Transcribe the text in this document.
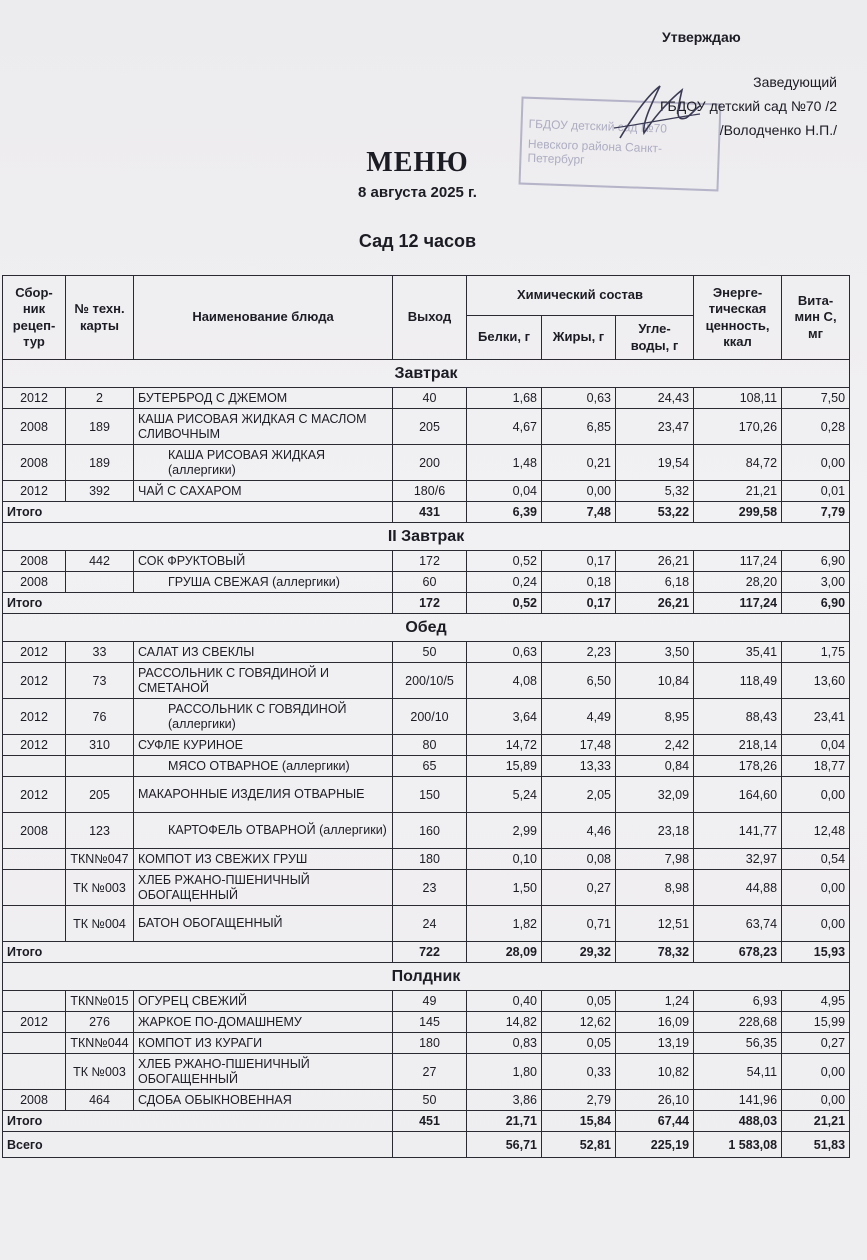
Утверждаю
Заведующий
ГБДОУ детский сад №70
Невского района Санкт-Петербург
ГБДОУ детский сад №70 /2
/Володченко Н.П./
МЕНЮ
8 августа 2025 г.
Сад 12 часов
Сбор-ник рецеп-тур	№ техн. карты	Наименование блюда	Выход	Химический состав			Энерге-тическая ценность, ккал	Вита-мин С, мг
				Белки, г	Жиры, г	Угле-воды, г		
Завтрак								
2012	2	БУТЕРБРОД С ДЖЕМОМ	40	1,68	0,63	24,43	108,11	7,50
2008	189	КАША РИСОВАЯ ЖИДКАЯ С МАСЛОМ СЛИВОЧНЫМ	205	4,67	6,85	23,47	170,26	0,28
2008	189	КАША РИСОВАЯ ЖИДКАЯ (аллергики)	200	1,48	0,21	19,54	84,72	0,00
2012	392	ЧАЙ С САХАРОМ	180/6	0,04	0,00	5,32	21,21	0,01
Итого			431	6,39	7,48	53,22	299,58	7,79
II Завтрак								
2008	442	СОК ФРУКТОВЫЙ	172	0,52	0,17	26,21	117,24	6,90
2008		ГРУША СВЕЖАЯ (аллергики)	60	0,24	0,18	6,18	28,20	3,00
Итого			172	0,52	0,17	26,21	117,24	6,90
Обед								
2012	33	САЛАТ ИЗ СВЕКЛЫ	50	0,63	2,23	3,50	35,41	1,75
2012	73	РАССОЛЬНИК С ГОВЯДИНОЙ И СМЕТАНОЙ	200/10/5	4,08	6,50	10,84	118,49	13,60
2012	76	РАССОЛЬНИК С ГОВЯДИНОЙ (аллергики)	200/10	3,64	4,49	8,95	88,43	23,41
2012	310	СУФЛЕ КУРИНОЕ	80	14,72	17,48	2,42	218,14	0,04
		МЯСО ОТВАРНОЕ (аллергики)	65	15,89	13,33	0,84	178,26	18,77
2012	205	МАКАРОННЫЕ ИЗДЕЛИЯ ОТВАРНЫЕ	150	5,24	2,05	32,09	164,60	0,00
2008	123	КАРТОФЕЛЬ ОТВАРНОЙ (аллергики)	160	2,99	4,46	23,18	141,77	12,48
	ТКN№047	КОМПОТ ИЗ СВЕЖИХ ГРУШ	180	0,10	0,08	7,98	32,97	0,54
	ТК №003	ХЛЕБ РЖАНО-ПШЕНИЧНЫЙ ОБОГАЩЕННЫЙ	23	1,50	0,27	8,98	44,88	0,00
	ТК №004	БАТОН ОБОГАЩЕННЫЙ	24	1,82	0,71	12,51	63,74	0,00
Итого			722	28,09	29,32	78,32	678,23	15,93
Полдник								
	ТКN№015	ОГУРЕЦ СВЕЖИЙ	49	0,40	0,05	1,24	6,93	4,95
2012	276	ЖАРКОЕ ПО-ДОМАШНЕМУ	145	14,82	12,62	16,09	228,68	15,99
	ТКN№044	КОМПОТ ИЗ КУРАГИ	180	0,83	0,05	13,19	56,35	0,27
	ТК №003	ХЛЕБ РЖАНО-ПШЕНИЧНЫЙ ОБОГАЩЕННЫЙ	27	1,80	0,33	10,82	54,11	0,00
2008	464	СДОБА ОБЫКНОВЕННАЯ	50	3,86	2,79	26,10	141,96	0,00
Итого			451	21,71	15,84	67,44	488,03	21,21
Всего				56,71	52,81	225,19	1 583,08	51,83
